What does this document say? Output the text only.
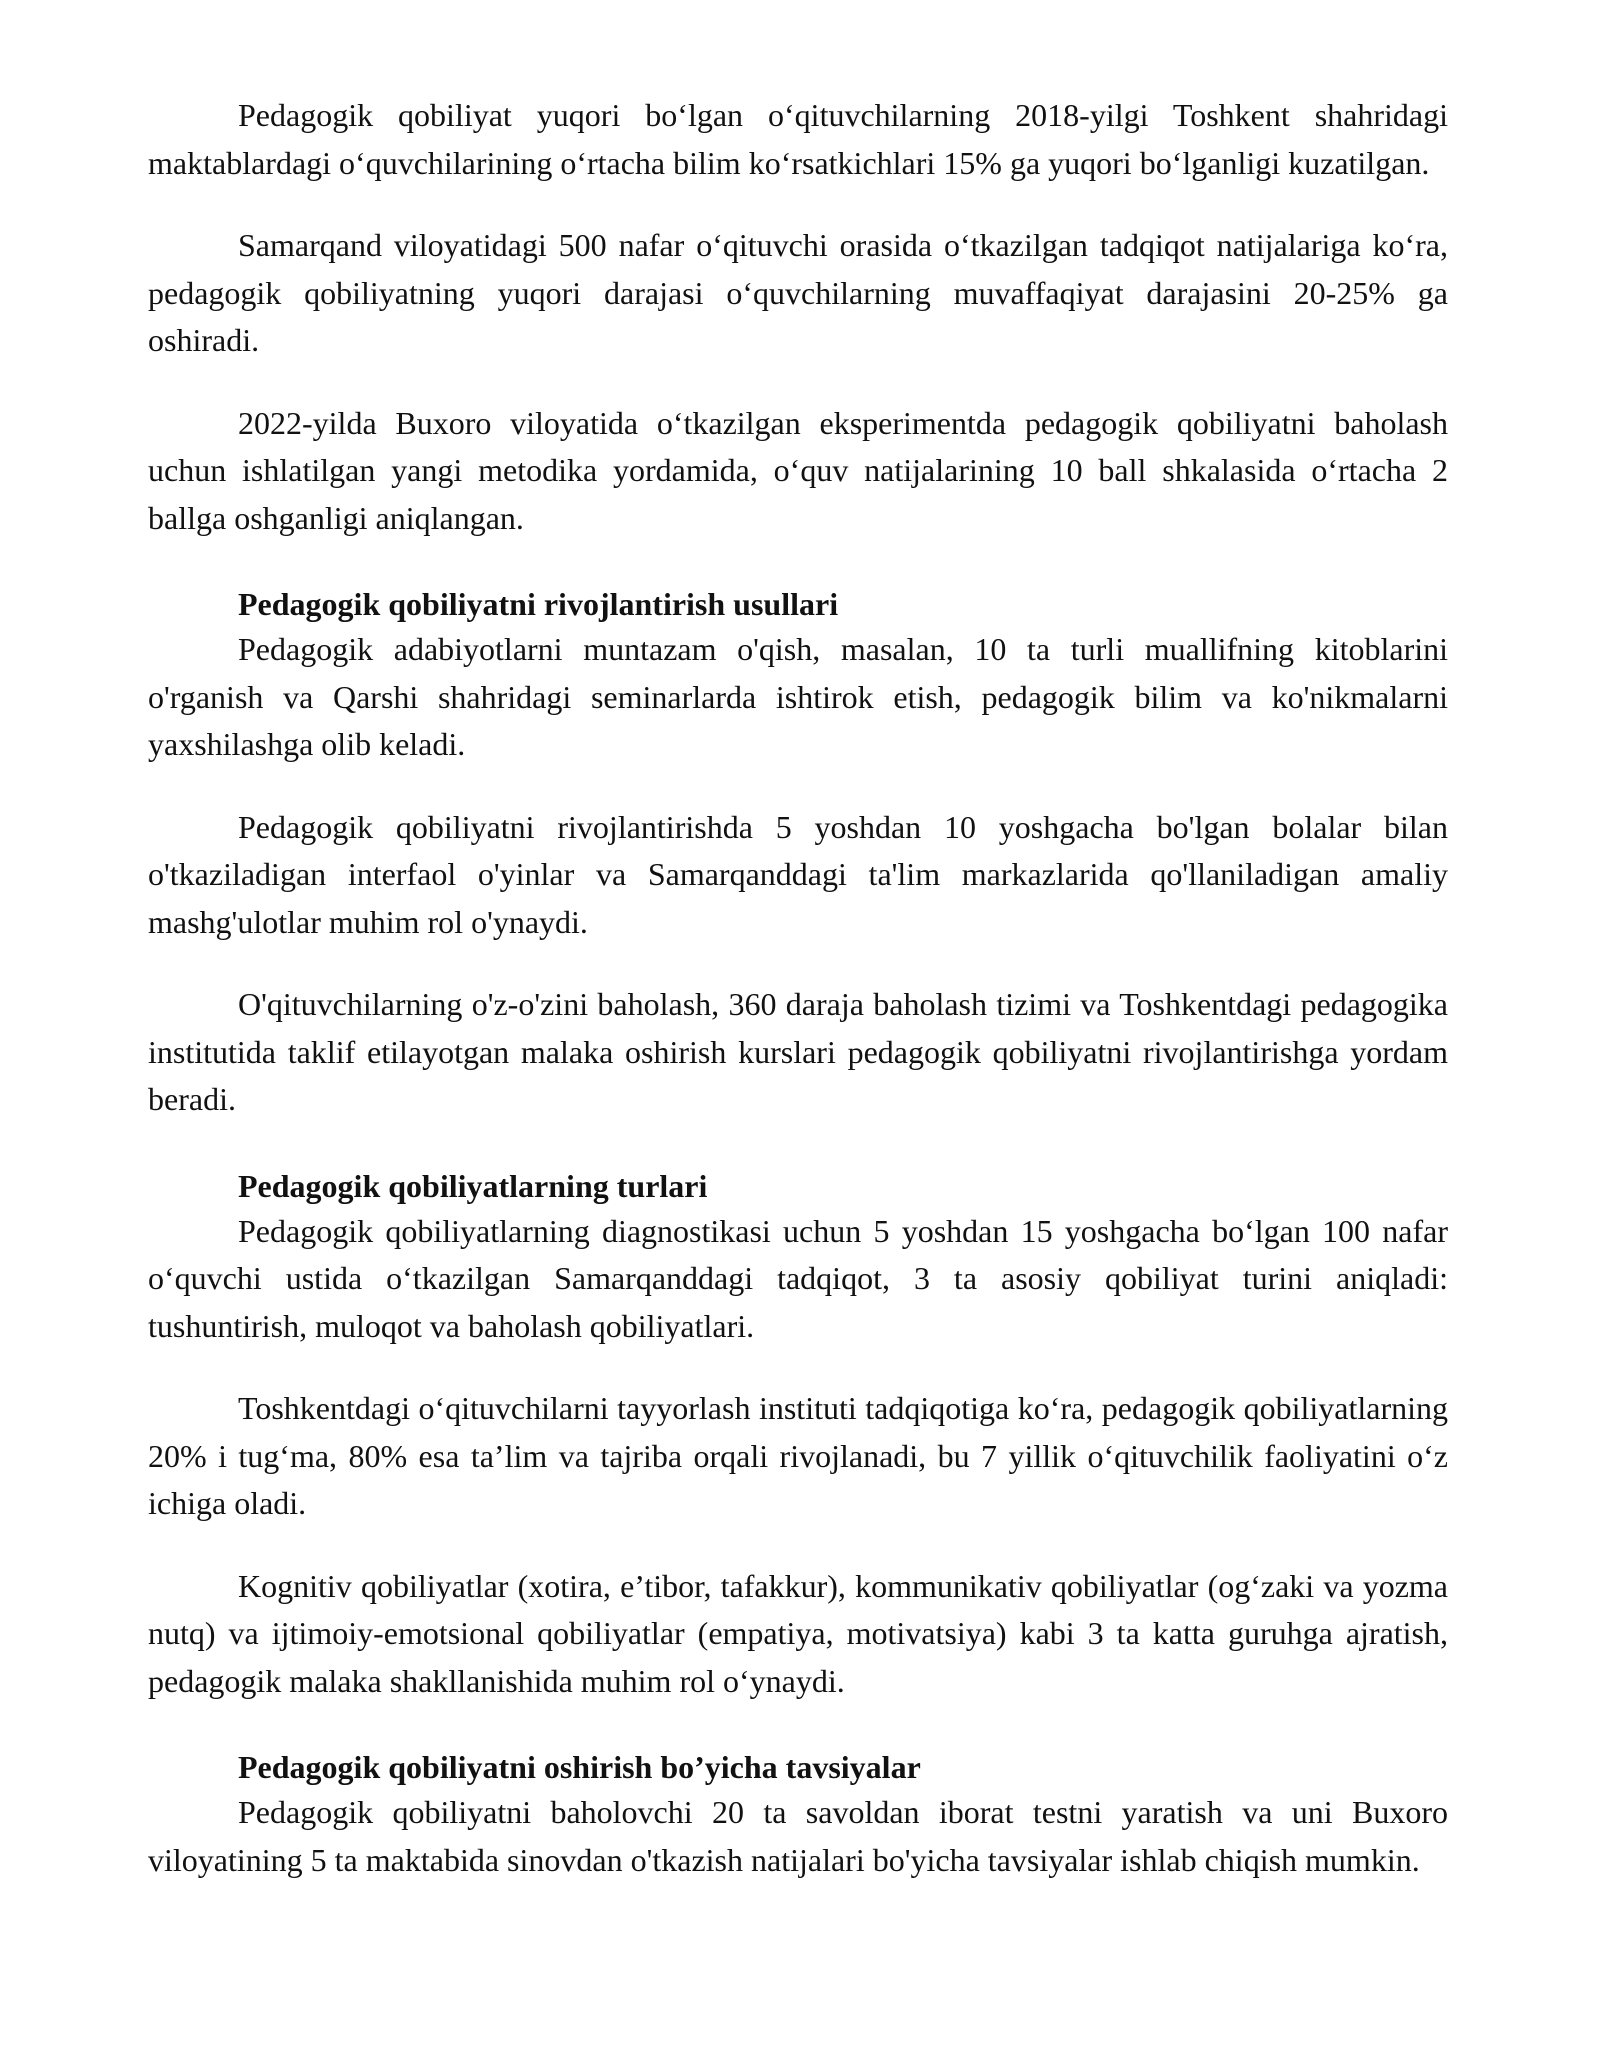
Pedagogik qobiliyat yuqori bo‘lgan o‘qituvchilarning 2018-yilgi Toshkent shahridagi maktablardagi o‘quvchilarining o‘rtacha bilim ko‘rsatkichlari 15% ga yuqori bo‘lganligi kuzatilgan.

Samarqand viloyatidagi 500 nafar o‘qituvchi orasida o‘tkazilgan tadqiqot natijalariga ko‘ra, pedagogik qobiliyatning yuqori darajasi o‘quvchilarning muvaffaqiyat darajasini 20-25% ga oshiradi.

2022-yilda Buxoro viloyatida o‘tkazilgan eksperimentda pedagogik qobiliyatni baholash uchun ishlatilgan yangi metodika yordamida, o‘quv natijalarining 10 ball shkalasida o‘rtacha 2 ballga oshganligi aniqlangan.

Pedagogik qobiliyatni rivojlantirish usullari

Pedagogik adabiyotlarni muntazam o'qish, masalan, 10 ta turli muallifning kitoblarini o'rganish va Qarshi shahridagi seminarlarda ishtirok etish, pedagogik bilim va ko'nikmalarni yaxshilashga olib keladi.

Pedagogik qobiliyatni rivojlantirishda 5 yoshdan 10 yoshgacha bo'lgan bolalar bilan o'tkaziladigan interfaol o'yinlar va Samarqanddagi ta'lim markazlarida qo'llaniladigan amaliy mashg'ulotlar muhim rol o'ynaydi.

O'qituvchilarning o'z-o'zini baholash, 360 daraja baholash tizimi va Toshkentdagi pedagogika institutida taklif etilayotgan malaka oshirish kurslari pedagogik qobiliyatni rivojlantirishga yordam beradi.

Pedagogik qobiliyatlarning turlari

Pedagogik qobiliyatlarning diagnostikasi uchun 5 yoshdan 15 yoshgacha bo‘lgan 100 nafar o‘quvchi ustida o‘tkazilgan Samarqanddagi tadqiqot, 3 ta asosiy qobiliyat turini aniqladi: tushuntirish, muloqot va baholash qobiliyatlari.

Toshkentdagi o‘qituvchilarni tayyorlash instituti tadqiqotiga ko‘ra, pedagogik qobiliyatlarning 20% i tug‘ma, 80% esa ta’lim va tajriba orqali rivojlanadi, bu 7 yillik o‘qituvchilik faoliyatini o‘z ichiga oladi.

Kognitiv qobiliyatlar (xotira, e’tibor, tafakkur), kommunikativ qobiliyatlar (og‘zaki va yozma nutq) va ijtimoiy-emotsional qobiliyatlar (empatiya, motivatsiya) kabi 3 ta katta guruhga ajratish, pedagogik malaka shakllanishida muhim rol o‘ynaydi.

Pedagogik qobiliyatni oshirish bo’yicha tavsiyalar

Pedagogik qobiliyatni baholovchi 20 ta savoldan iborat testni yaratish va uni Buxoro viloyatining 5 ta maktabida sinovdan o'tkazish natijalari bo'yicha tavsiyalar ishlab chiqish mumkin.
